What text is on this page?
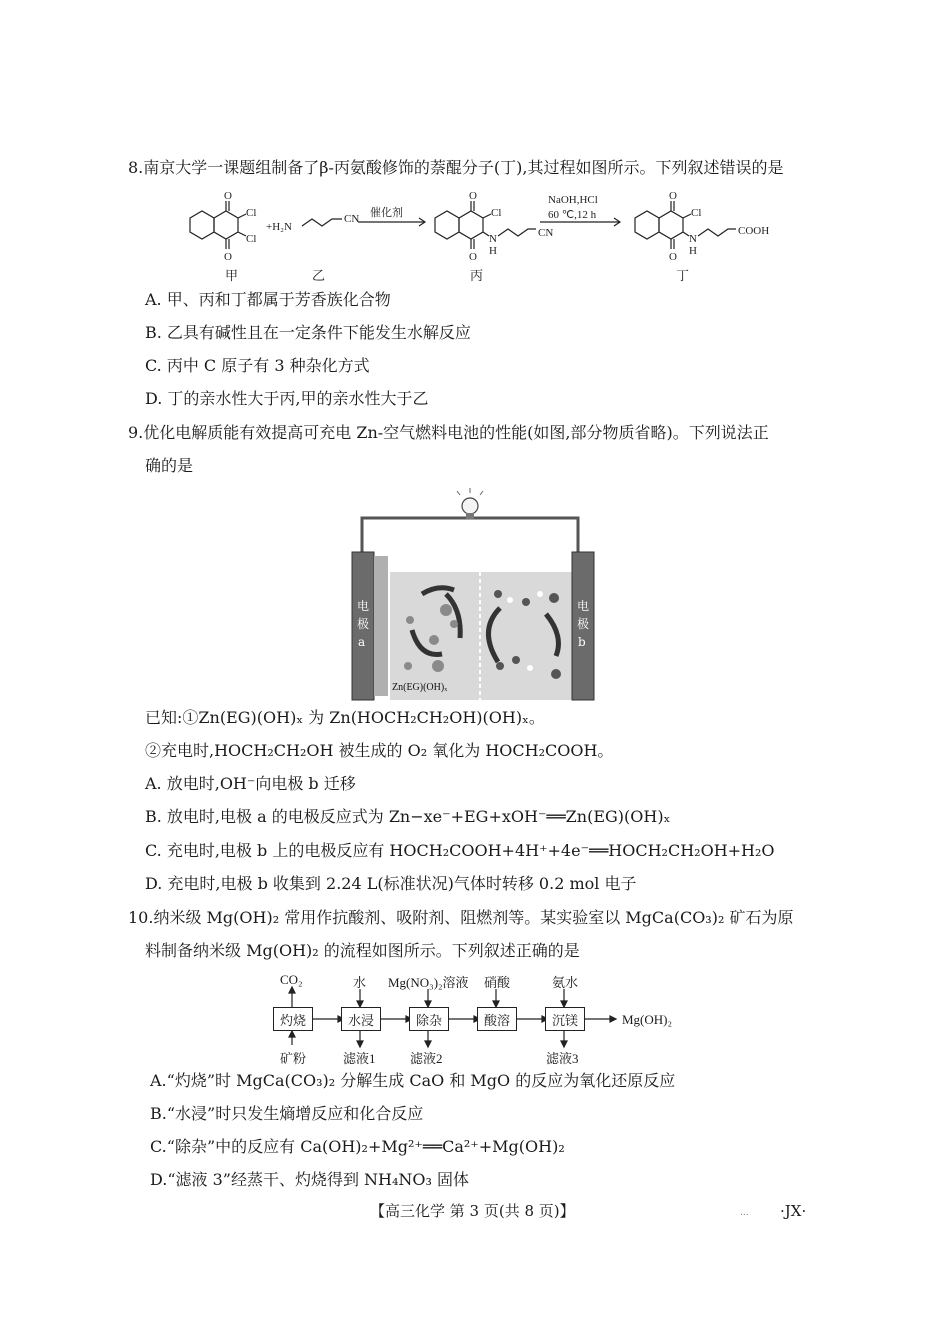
8.南京大学一课题组制备了β-丙氨酸修饰的萘醌分子(丁),其过程如图所示。下列叙述错误的是
O
O
Cl
Cl
+H₂N
CN 催化剂
O
O
Cl
N
H
CN
NaOH,HCl
60 ℃,12 h
O
O
Cl
N
H
COOH
甲	乙	丙	丁
A. 甲、丙和丁都属于芳香族化合物
B. 乙具有碱性且在一定条件下能发生水解反应
C. 丙中 C 原子有 3 种杂化方式
D. 丁的亲水性大于丙,甲的亲水性大于乙
9.优化电解质能有效提高可充电 Zn-空气燃料电池的性能(如图,部分物质省略)。下列说法正
确的是
电
极
a
电
极
b
Zn(EG)(OH)ₓ
已知:①Zn(EG)(OH)ₓ 为 Zn(HOCH₂CH₂OH)(OH)ₓ。
②充电时,HOCH₂CH₂OH 被生成的 O₂ 氧化为 HOCH₂COOH。
A. 放电时,OH⁻向电极 b 迁移
B. 放电时,电极 a 的电极反应式为 Zn−xe⁻+EG+xOH⁻══Zn(EG)(OH)ₓ
C. 充电时,电极 b 上的电极反应有 HOCH₂COOH+4H⁺+4e⁻══HOCH₂CH₂OH+H₂O
D. 充电时,电极 b 收集到 2.24 L(标准状况)气体时转移 0.2 mol 电子
10.纳米级 Mg(OH)₂ 常用作抗酸剂、吸附剂、阻燃剂等。某实验室以 MgCa(CO₃)₂ 矿石为原
料制备纳米级 Mg(OH)₂ 的流程如图所示。下列叙述正确的是
灼烧	水浸	除杂	酸溶	沉镁
CO₂	水 Mg(NO₃)₂溶液 硝酸	氨水
矿粉	滤液1	滤液2	滤液3
Mg(OH)₂
A.“灼烧”时 MgCa(CO₃)₂ 分解生成 CaO 和 MgO 的反应为氧化还原反应
B.“水浸”时只发生熵增反应和化合反应
C.“除杂”中的反应有 Ca(OH)₂+Mg²⁺══Ca²⁺+Mg(OH)₂
D.“滤液 3”经蒸干、灼烧得到 NH₄NO₃ 固体
【高三化学 第 3 页(共 8 页)】	... ·JX·
